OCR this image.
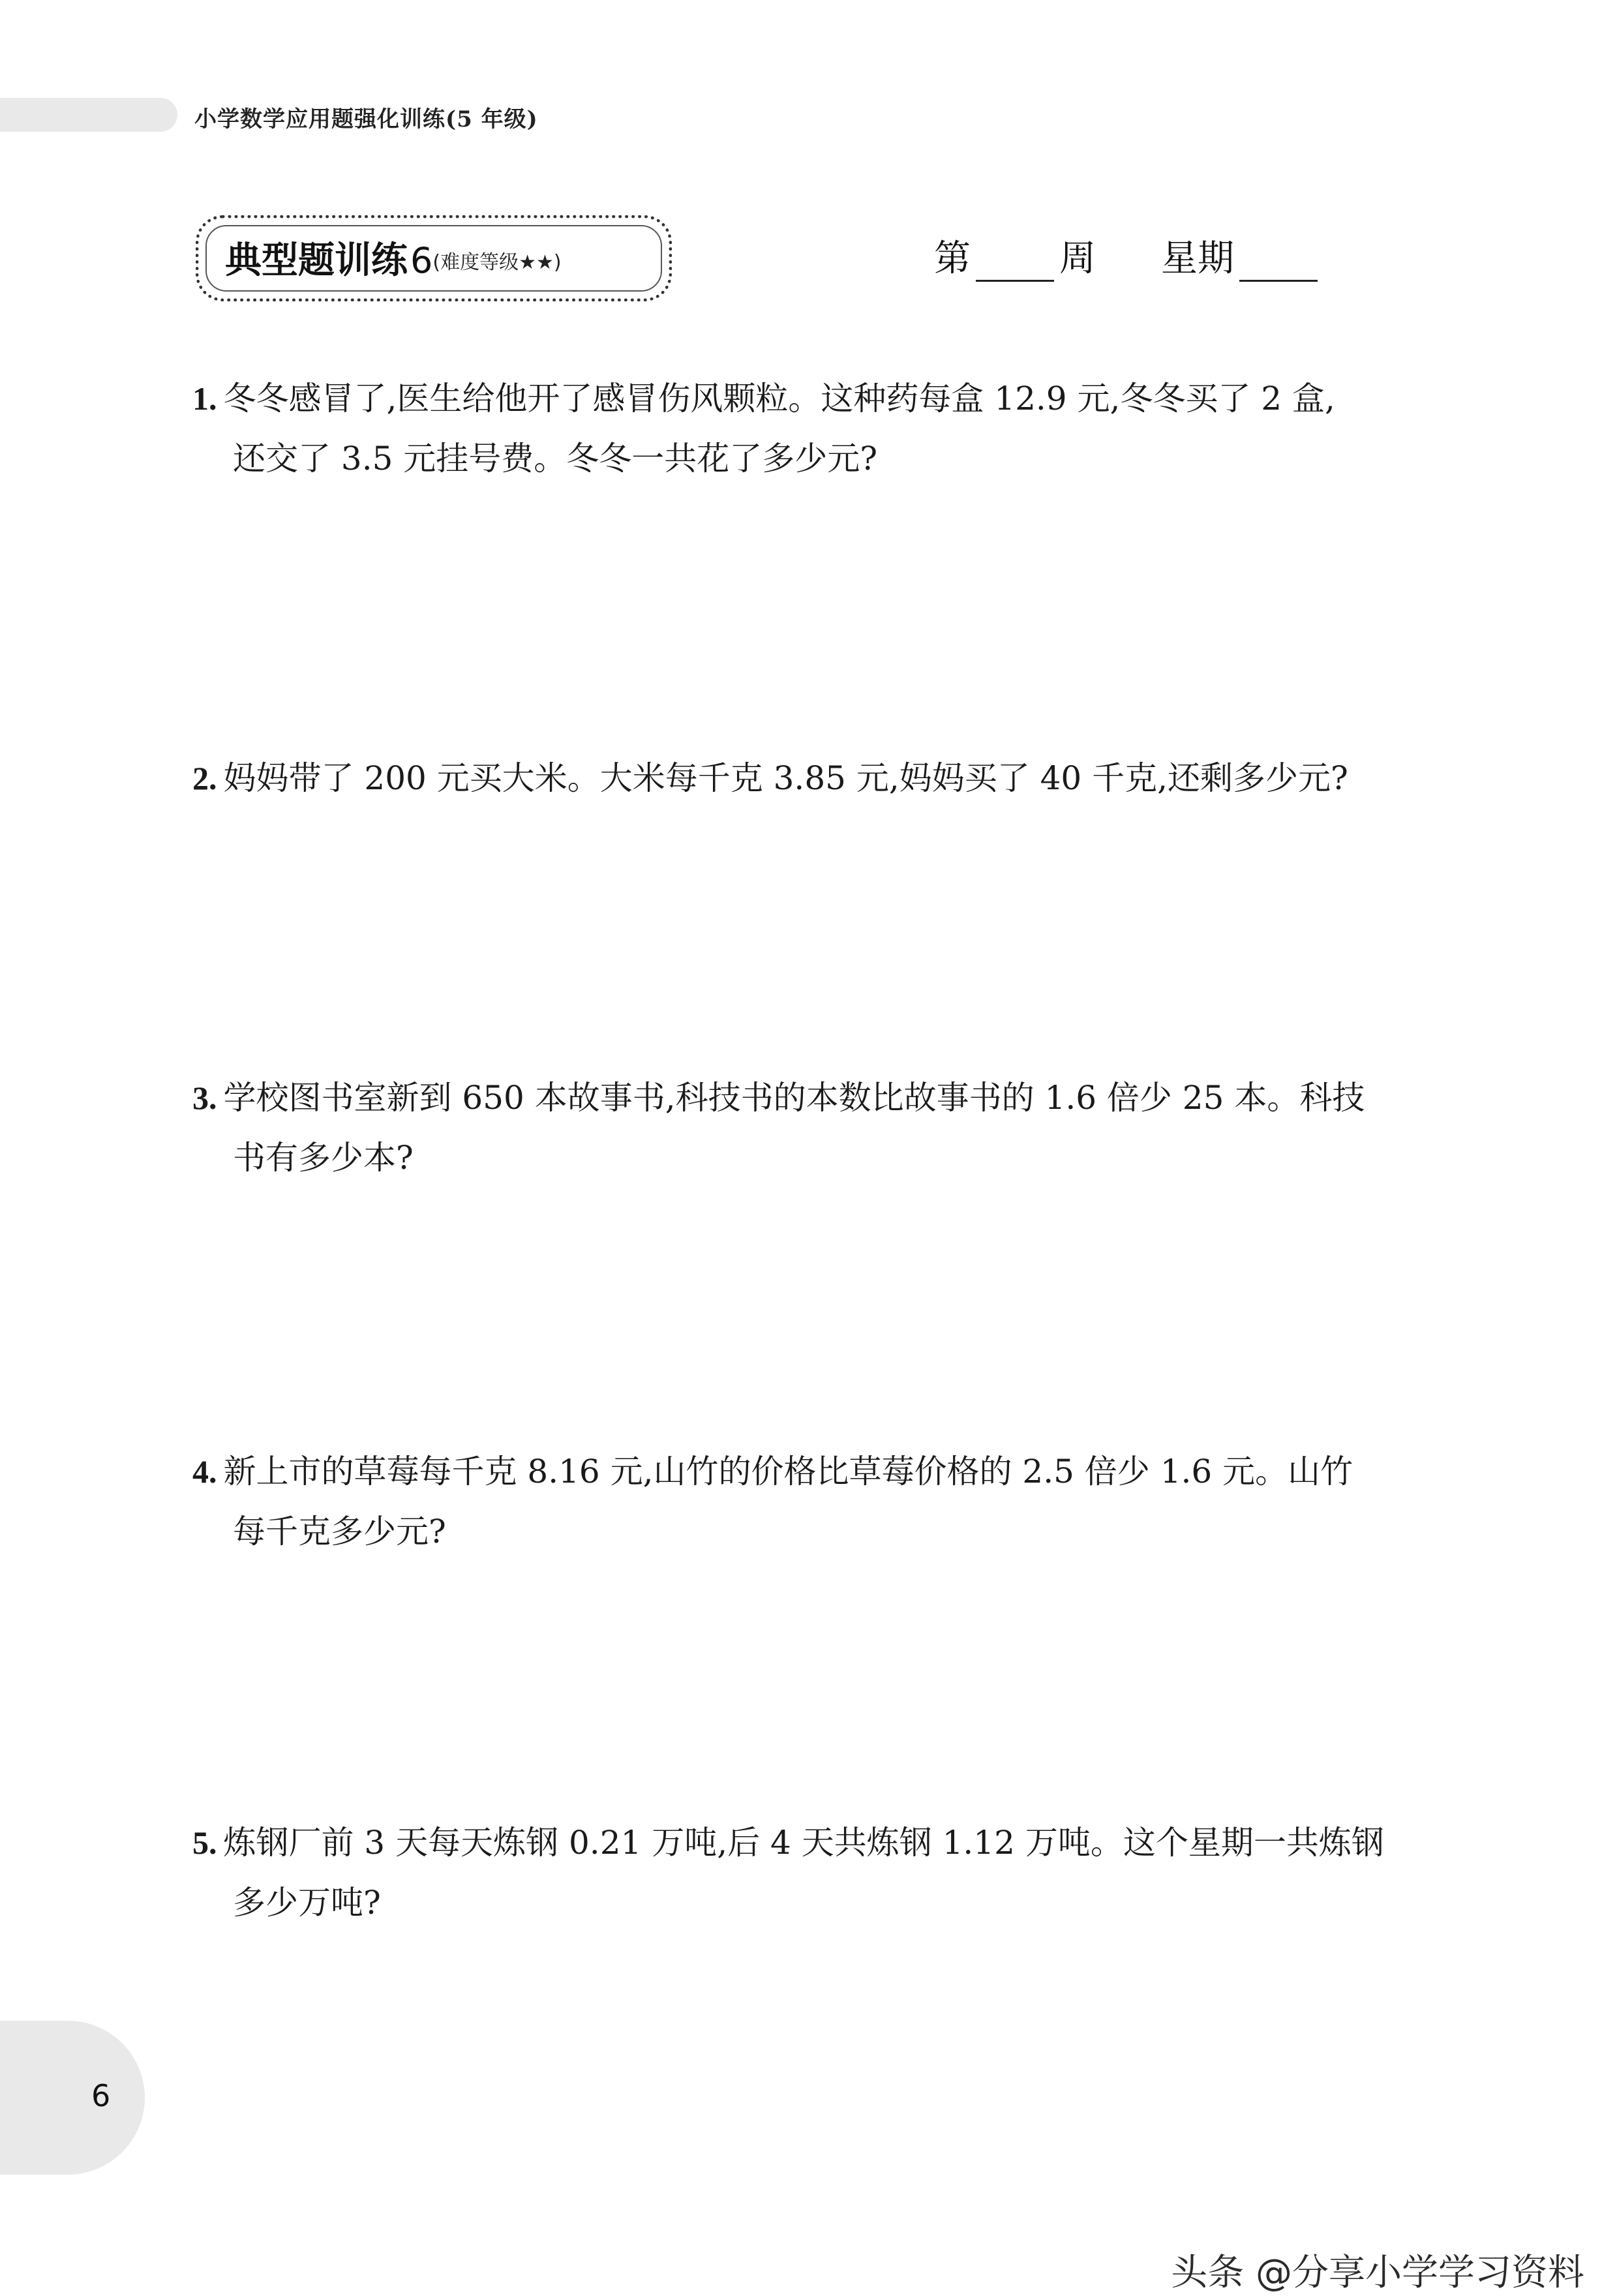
小学数学应用题强化训练(5 年级)
典型题训练6(难度等级★★)	第 周 星期
1. 冬冬感冒了,医生给他开了感冒伤风颗粒。这种药每盒 12.9 元,冬冬买了 2 盒,
还交了 3.5 元挂号费。冬冬一共花了多少元?
2. 妈妈带了 200 元买大米。大米每千克 3.85 元,妈妈买了 40 千克,还剩多少元?
3. 学校图书室新到 650 本故事书,科技书的本数比故事书的 1.6 倍少 25 本。科技
书有多少本?
4. 新上市的草莓每千克 8.16 元,山竹的价格比草莓价格的 2.5 倍少 1.6 元。山竹
每千克多少元?
5. 炼钢厂前 3 天每天炼钢 0.21 万吨,后 4 天共炼钢 1.12 万吨。这个星期一共炼钢
多少万吨?
6
头条 @分享小学学习资料
